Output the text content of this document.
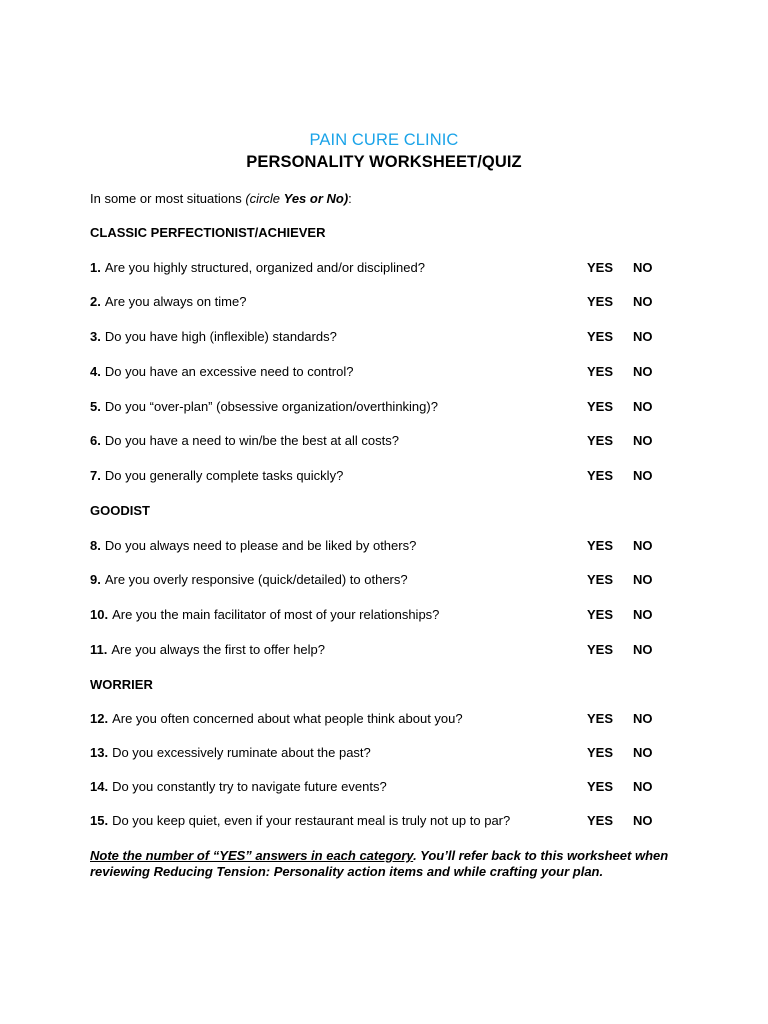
PAIN CURE CLINIC
PERSONALITY WORKSHEET/QUIZ
In some or most situations (circle Yes or No):
CLASSIC PERFECTIONIST/ACHIEVER
1. Are you highly structured, organized and/or disciplined?	YES NO
2. Are you always on time?	YES NO
3. Do you have high (inflexible) standards?	YES NO
4. Do you have an excessive need to control?	YES NO
5. Do you “over-plan” (obsessive organization/overthinking)?	YES NO
6. Do you have a need to win/be the best at all costs?	YES NO
7. Do you generally complete tasks quickly?	YES NO
GOODIST
8. Do you always need to please and be liked by others?	YES NO
9. Are you overly responsive (quick/detailed) to others?	YES NO
10. Are you the main facilitator of most of your relationships?	YES NO
11. Are you always the first to offer help?	YES NO
WORRIER
12. Are you often concerned about what people think about you?	YES NO
13. Do you excessively ruminate about the past?	YES NO
14. Do you constantly try to navigate future events?	YES NO
15. Do you keep quiet, even if your restaurant meal is truly not up to par?	YES NO
Note the number of “YES” answers in each category. You’ll refer back to this worksheet when reviewing Reducing Tension: Personality action items and while crafting your plan.
